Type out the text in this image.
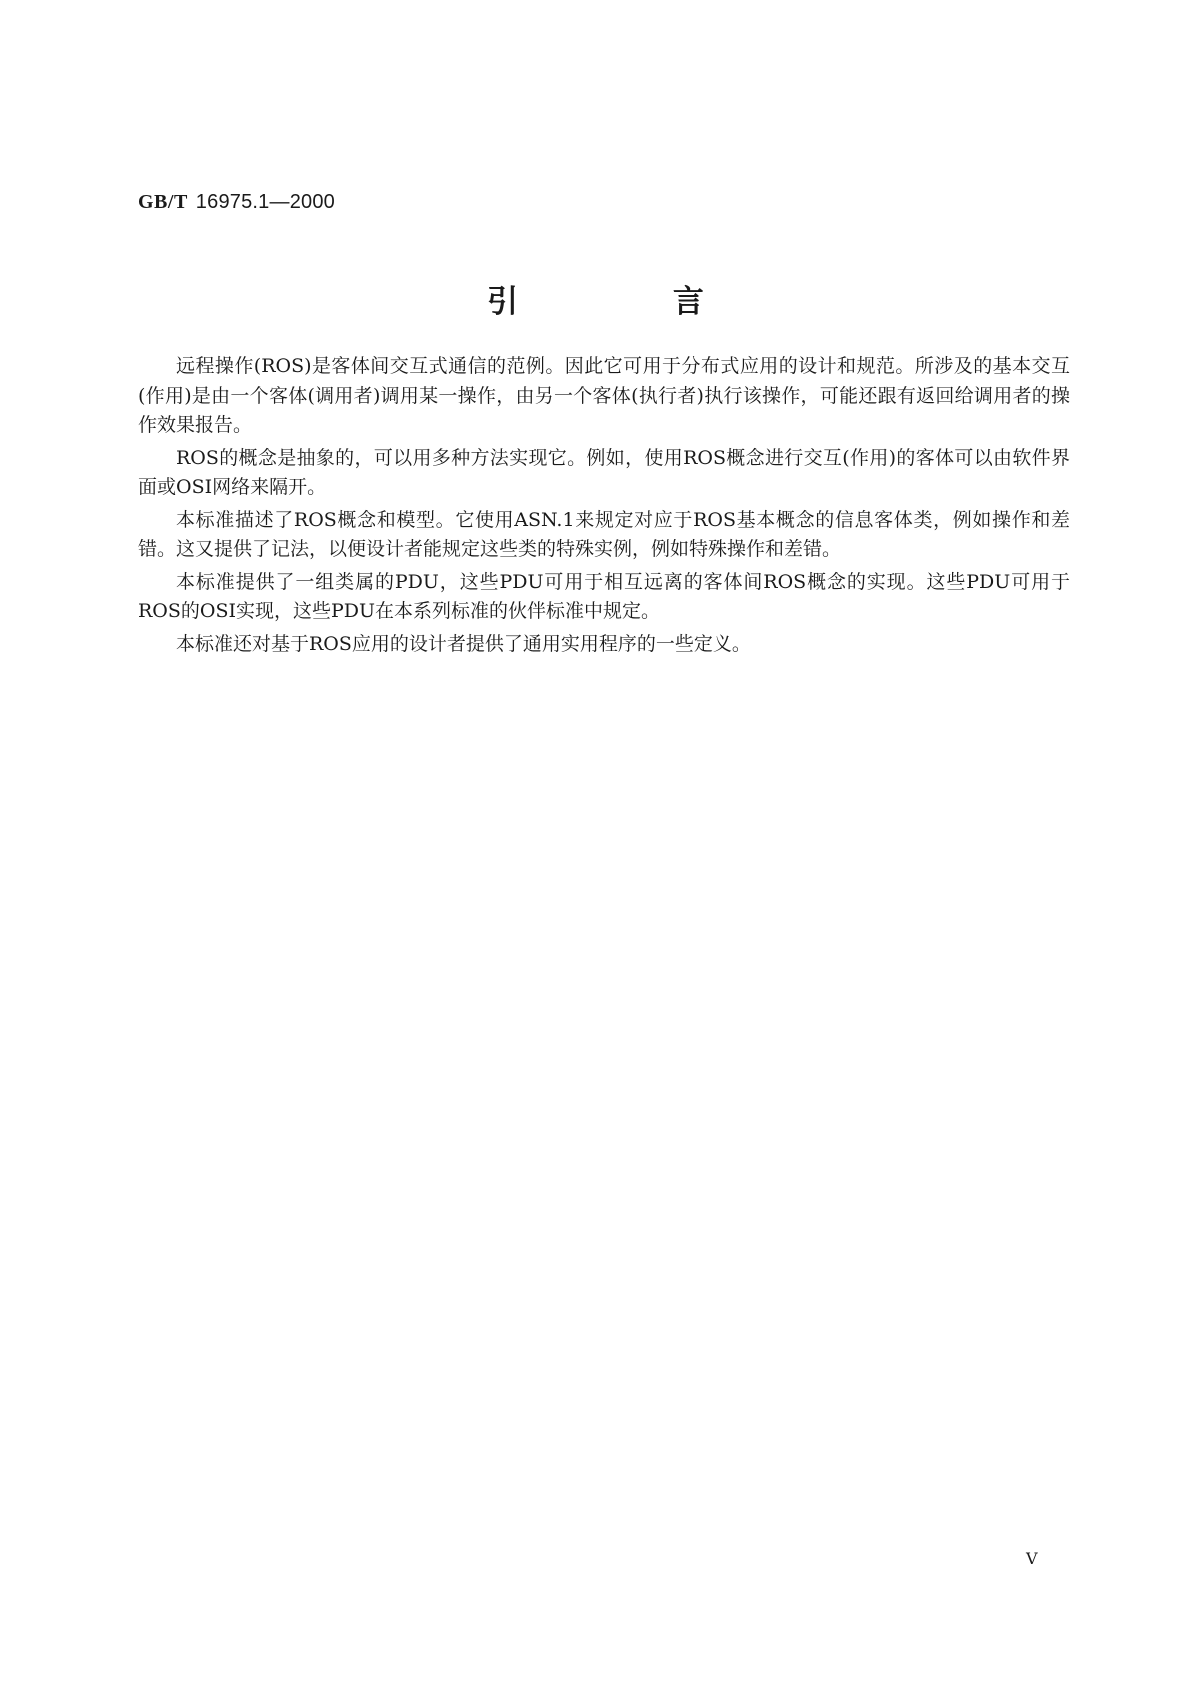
GB/T 16975.1—2000
引 言

远程操作(ROS)是客体间交互式通信的范例。因此它可用于分布式应用的设计和规范。所涉及的基本交互(作用)是由一个客体(调用者)调用某一操作，由另一个客体(执行者)执行该操作，可能还跟有返回给调用者的操作效果报告。

ROS的概念是抽象的，可以用多种方法实现它。例如，使用ROS概念进行交互(作用)的客体可以由软件界面或OSI网络来隔开。

本标准描述了ROS概念和模型。它使用ASN.1来规定对应于ROS基本概念的信息客体类，例如操作和差错。这又提供了记法，以便设计者能规定这些类的特殊实例，例如特殊操作和差错。

本标准提供了一组类属的PDU，这些PDU可用于相互远离的客体间ROS概念的实现。这些PDU可用于ROS的OSI实现，这些PDU在本系列标准的伙伴标准中规定。

本标准还对基于ROS应用的设计者提供了通用实用程序的一些定义。

Ⅴ
